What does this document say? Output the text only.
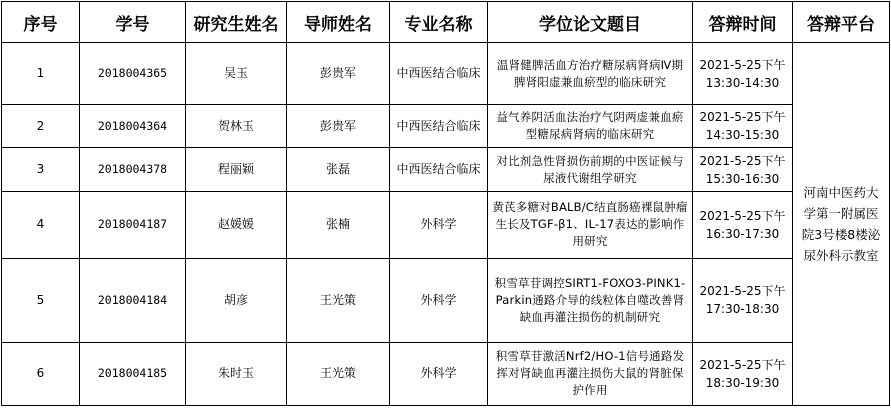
序号	学号	研究生姓名	导师姓名	专业名称	学位论文题目	答辩时间	答辩平台
1	2018004365	吴玉	彭贵军	中西医结合临床	温肾健脾活血方治疗糖尿病肾病Ⅳ期脾肾阳虚兼血瘀型的临床研究	2021-5-25下午13:30-14:30	河南中医药大学第一附属医院3号楼8楼泌尿外科示教室
2	2018004364	贺林玉	彭贵军	中西医结合临床	益气养阴活血法治疗气阴两虚兼血瘀型糖尿病肾病的临床研究	2021-5-25下午14:30-15:30	
3	2018004378	程丽颖	张磊	中西医结合临床	对比剂急性肾损伤前期的中医证候与尿液代谢组学研究	2021-5-25下午15:30-16:30	
4	2018004187	赵媛媛	张楠	外科学	黄芪多糖对BALB/C结直肠癌裸鼠肿瘤生长及TGF-β1、IL-17表达的影响作用研究	2021-5-25下午16:30-17:30	
5	2018004184	胡彦	王光策	外科学	积雪草苷调控SIRT1-FOXO3-PINK1-Parkin通路介导的线粒体自噬改善肾缺血再灌注损伤的机制研究	2021-5-25下午17:30-18:30	
6	2018004185	朱时玉	王光策	外科学	积雪草苷激活Nrf2/HO-1信号通路发挥对肾缺血再灌注损伤大鼠的肾脏保护作用	2021-5-25下午18:30-19:30	
